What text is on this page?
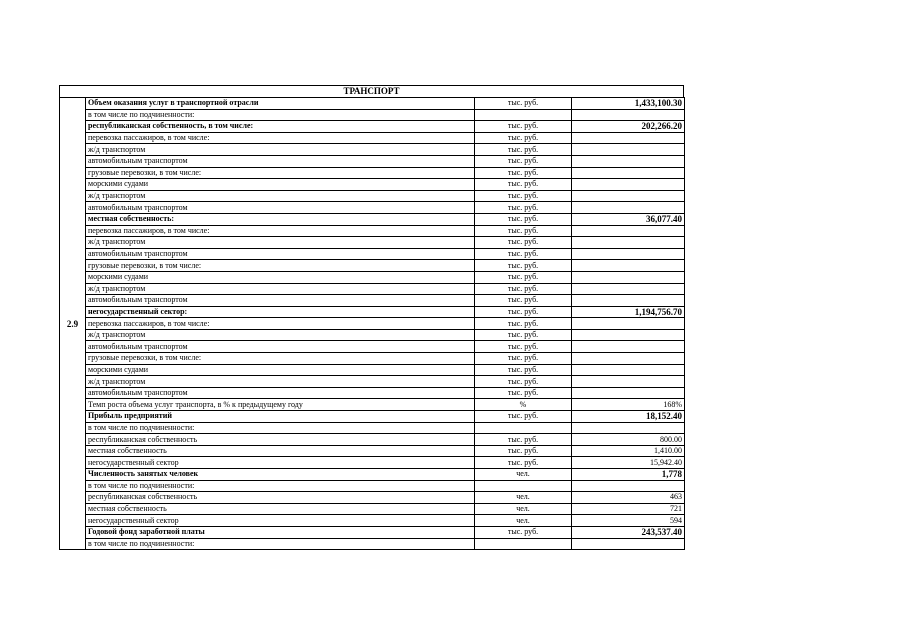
ТРАНСПОРТ
2.9	Объем оказания услуг в транспортной отрасли	тыс. руб.	1,433,100.30
	в том числе по подчиненности:		
	республиканская собственность, в том числе:	тыс. руб.	202,266.20
	перевозка пассажиров, в том числе:	тыс. руб.	
	ж/д транспортом	тыс. руб.	
	автомобильным транспортом	тыс. руб.	
	грузовые перевозки, в том числе:	тыс. руб.	
	морскими судами	тыс. руб.	
	ж/д транспортом	тыс. руб.	
	автомобильным транспортом	тыс. руб.	
	местная собственность:	тыс. руб.	36,077.40
	перевозка пассажиров, в том числе:	тыс. руб.	
	ж/д транспортом	тыс. руб.	
	автомобильным транспортом	тыс. руб.	
	грузовые перевозки, в том числе:	тыс. руб.	
	морскими судами	тыс. руб.	
	ж/д транспортом	тыс. руб.	
	автомобильным транспортом	тыс. руб.	
	негосударственный сектор:	тыс. руб.	1,194,756.70
	перевозка пассажиров, в том числе:	тыс. руб.	
	ж/д транспортом	тыс. руб.	
	автомобильным транспортом	тыс. руб.	
	грузовые перевозки, в том числе:	тыс. руб.	
	морскими судами	тыс. руб.	
	ж/д транспортом	тыс. руб.	
	автомобильным транспортом	тыс. руб.	
	Темп роста объема услуг транспорта, в % к предыдущему году	%	168%
	Прибыль предприятий	тыс. руб.	18,152.40
	в том числе по подчиненности:		
	республиканская собственность	тыс. руб.	800.00
	местная собственность	тыс. руб.	1,410.00
	негосударственный сектор	тыс. руб.	15,942.40
	Численность занятых человек	чел.	1,778
	в том числе по подчиненности:		
	республиканская собственность	чел.	463
	местная собственность	чел.	721
	негосударственный сектор	чел.	594
	Годовой фонд заработной платы	тыс. руб.	243,537.40
	в том числе по подчиненности:		
